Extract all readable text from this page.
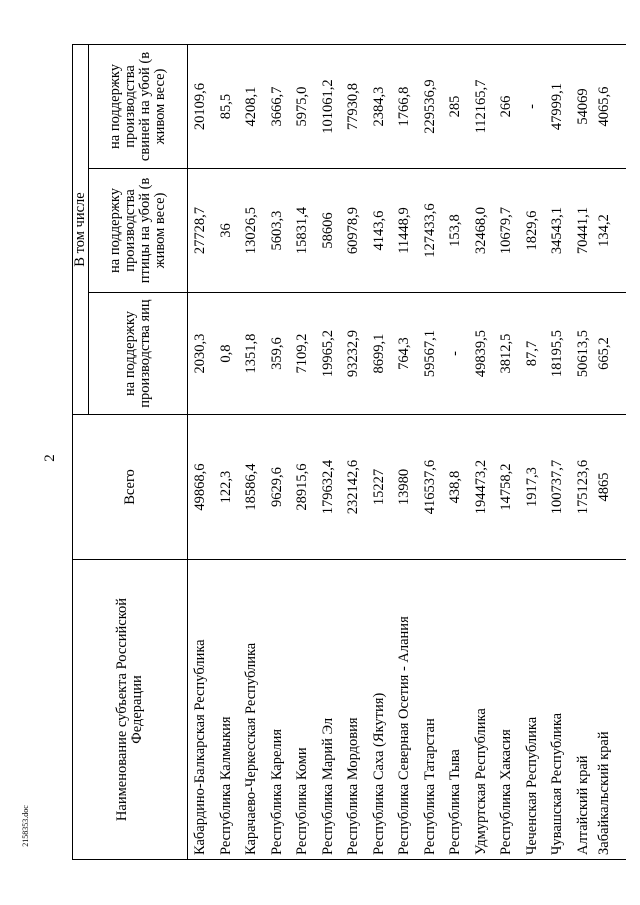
2
Наименование субъекта Российской Федерации	Всего	В том числе		
		на поддержку производства яиц	на поддержку производства птицы на убой (в живом весе)	на поддержку производства свиней на убой (в живом весе)
Кабардино-Балкарская Республика	49868,6	2030,3	27728,7	20109,6
Республика Калмыкия	122,3	0,8	36	85,5
Карачаево-Черкесская Республика	18586,4	1351,8	13026,5	4208,1
Республика Карелия	9629,6	359,6	5603,3	3666,7
Республика Коми	28915,6	7109,2	15831,4	5975,0
Республика Марий Эл	179632,4	19965,2	58606	101061,2
Республика Мордовия	232142,6	93232,9	60978,9	77930,8
Республика Саха (Якутия)	15227	8699,1	4143,6	2384,3
Республика Северная Осетия - Алания	13980	764,3	11448,9	1766,8
Республика Татарстан	416537,6	59567,1	127433,6	229536,9
Республика Тыва	438,8	-	153,8	285
Удмуртская Республика	194473,2	49839,5	32468,0	112165,7
Республика Хакасия	14758,2	3812,5	10679,7	266
Чеченская Республика	1917,3	87,7	1829,6	-
Чувашская Республика	100737,7	18195,5	34543,1	47999,1
Алтайский край	175123,6	50613,5	70441,1	54069
Забайкальский край	4865	665,2	134,2	4065,6
2158353.doc
